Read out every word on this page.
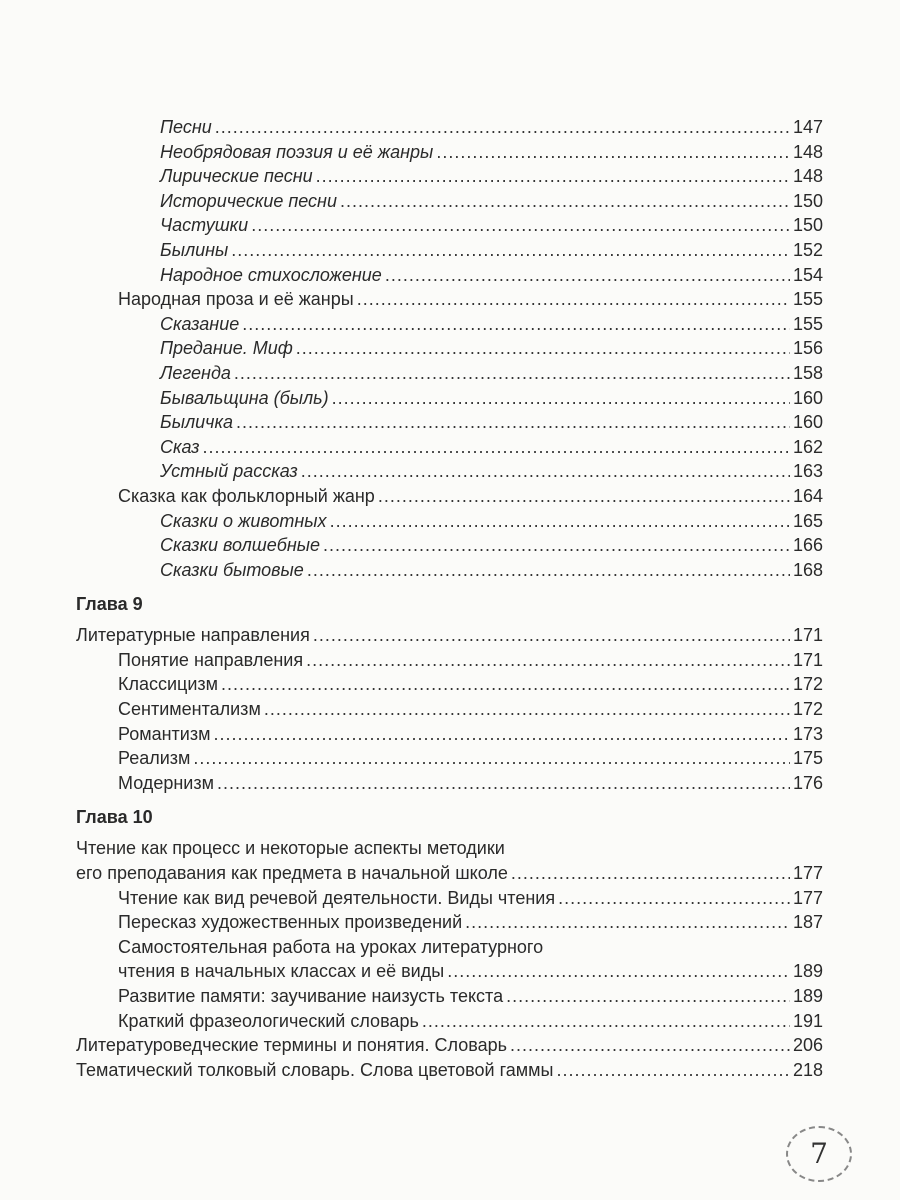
Песни .....	147
Необрядовая поэзия и её жанры .....	148
Лирические песни .....	148
Исторические песни .....	150
Частушки .....	150
Былины .....	152
Народное стихосложение .....	154
Народная проза и её жанры .....	155
Сказание .....	155
Предание. Миф .....	156
Легенда .....	158
Бывальщина (быль) .....	160
Быличка .....	160
Сказ .....	162
Устный рассказ .....	163
Сказка как фольклорный жанр .....	164
Сказки о животных .....	165
Сказки волшебные .....	166
Сказки бытовые .....	168
Глава 9
Литературные направления .....	171
Понятие направления .....	171
Классицизм .....	172
Сентиментализм .....	172
Романтизм .....	173
Реализм .....	175
Модернизм .....	176
Глава 10
Чтение как процесс и некоторые аспекты методики
его преподавания как предмета в начальной школе .....	177
Чтение как вид речевой деятельности. Виды чтения .....	177
Пересказ художественных произведений .....	187
Самостоятельная работа на уроках литературного
чтения в начальных классах и её виды .....	189
Развитие памяти: заучивание наизусть текста .....	189
Краткий фразеологический словарь .....	191
Литературоведческие термины и понятия. Словарь .....	206
Тематический толковый словарь. Слова цветовой гаммы .....	218
7
